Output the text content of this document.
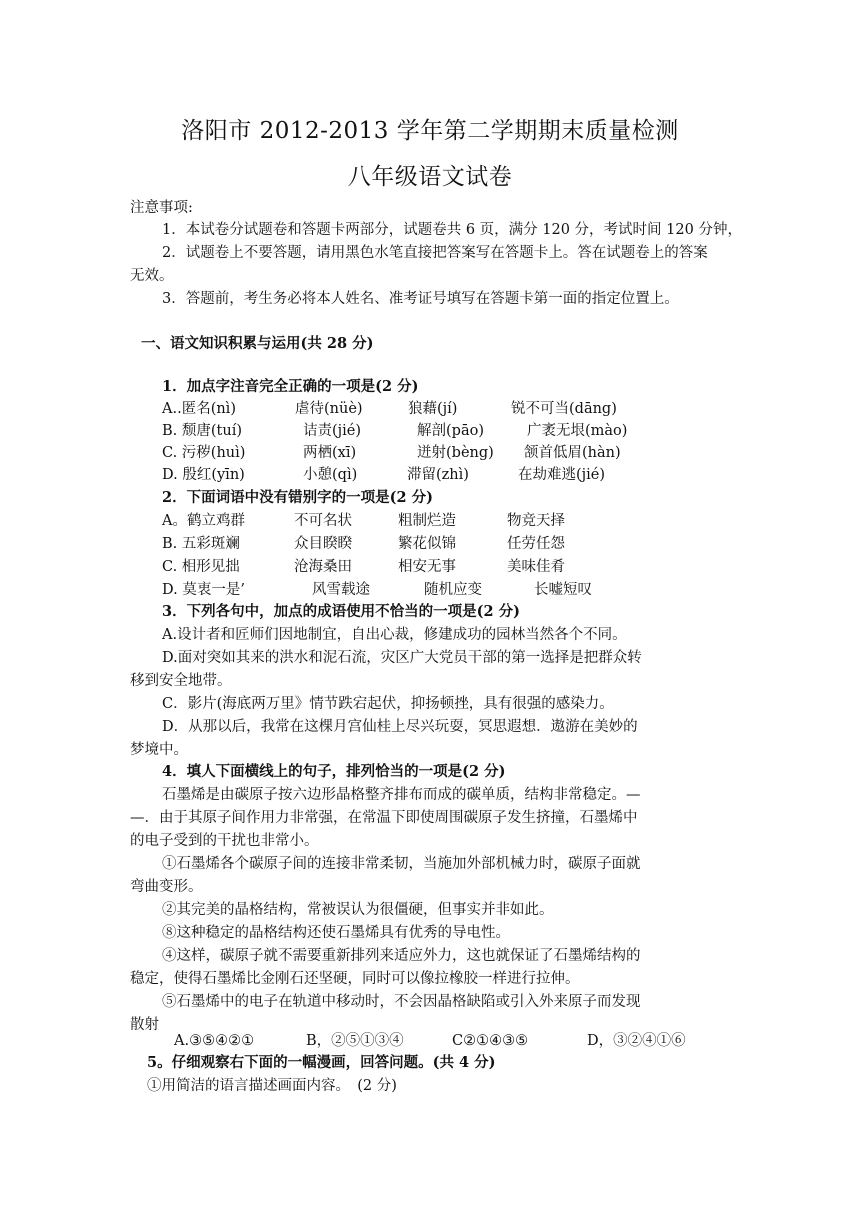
洛阳市 2012-2013 学年第二学期期末质量检测
八年级语文试卷
注意事项:
1．本试卷分试题卷和答题卡两部分，试题卷共 6 页，满分 120 分，考试时间 120 分钟，
2．试题卷上不要答题，请用黑色水笔直接把答案写在答题卡上。答在试题卷上的答案
无效。
3．答题前，考生务必将本人姓名、准考证号填写在答题卡第一面的指定位置上。
一、语文知识积累与运用(共 28 分)
1．加点字注音完全正确的一项是(2 分)
A..匿名(nì)	虐待(nüè)	狼藉(jí)	锐不可当(dāng)
B. 颓唐(tuí)	诘责(jié)	解剖(pāo)	广袤无垠(mào)
C. 污秽(huì)	两栖(xī)	迸射(bèng) 颔首低眉(hàn)
D. 殷红(yīn)	小憩(qì)	滞留(zhì)	在劫难逃(jié)
2．下面词语中没有错别字的一项是(2 分)
A。鹤立鸡群	不可名状	粗制烂造	物竞天择
B. 五彩斑斓	众目睽睽	繁花似锦	任劳任怨
C. 相形见拙	沧海桑田	相安无事	美味佳肴
D. 莫衷一是’	风雪载途	随机应变	长嘘短叹
3．下列各句中，加点的成语使用不恰当的一项是(2 分)
A.设计者和匠师们因地制宜，自出心裁，修建成功的园林当然各个不同。
D.面对突如其来的洪水和泥石流，灾区广大党员干部的第一选择是把群众转
移到安全地带。
C．影片(海底两万里》情节跌宕起伏，抑扬顿挫，具有很强的感染力。
D．从那以后，我常在这棵月宫仙桂上尽兴玩耍，冥思遐想．遨游在美妙的
梦境中。
4．填人下面横线上的句子，排列恰当的一项是(2 分)
石墨烯是由碳原子按六边形晶格整齐排布而成的碳单质，结构非常稳定。—
—．由于其原子间作用力非常强，在常温下即使周围碳原子发生挤撞，石墨烯中
的电子受到的干扰也非常小。
①石墨烯各个碳原子间的连接非常柔韧，当施加外部机械力时，碳原子面就
弯曲变形。
②其完美的晶格结构，常被误认为很僵硬，但事实并非如此。
⑧这种稳定的晶格结构还使石墨烯具有优秀的导电性。
④这样，碳原子就不需要重新排列来适应外力，这也就保证了石墨烯结构的
稳定，使得石墨烯比金刚石还坚硬，同时可以像拉橡胶一样进行拉伸。
⑤石墨烯中的电子在轨道中移动时，不会因晶格缺陷或引入外来原子而发现
散射
A.③⑤④②①	B，②⑤①③④	C②①④③⑤	D，③②④①⑥
5。仔细观察右下面的一幅漫画，回答问题。(共 4 分)
①用简洁的语言描述画面内容。　(2 分)
